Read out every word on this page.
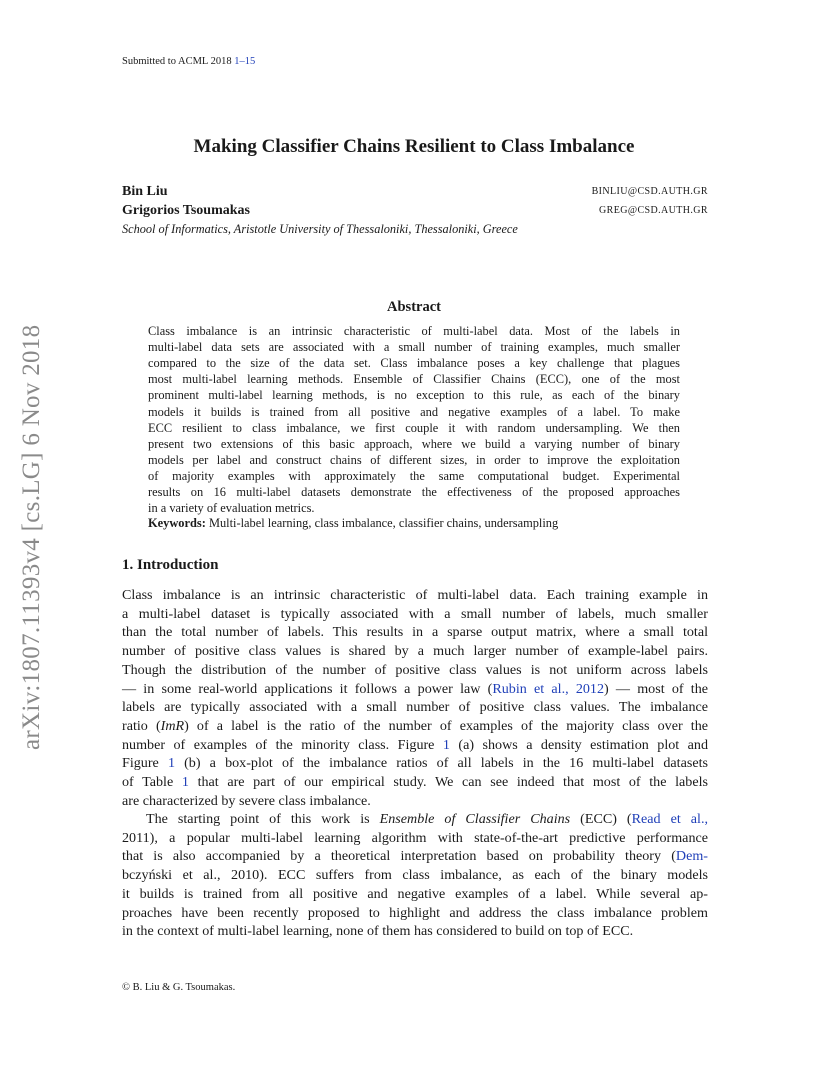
Submitted to ACML 2018 1–15
Making Classifier Chains Resilient to Class Imbalance
Bin Liu	BINLIU@CSD.AUTH.GR
Grigorios Tsoumakas	GREG@CSD.AUTH.GR
School of Informatics, Aristotle University of Thessaloniki, Thessaloniki, Greece
arXiv:1807.11393v4 [cs.LG] 6 Nov 2018
Abstract
Class imbalance is an intrinsic characteristic of multi-label data. Most of the labels in
multi-label data sets are associated with a small number of training examples, much smaller
compared to the size of the data set. Class imbalance poses a key challenge that plagues
most multi-label learning methods. Ensemble of Classifier Chains (ECC), one of the most
prominent multi-label learning methods, is no exception to this rule, as each of the binary
models it builds is trained from all positive and negative examples of a label. To make
ECC resilient to class imbalance, we first couple it with random undersampling. We then
present two extensions of this basic approach, where we build a varying number of binary
models per label and construct chains of different sizes, in order to improve the exploitation
of majority examples with approximately the same computational budget. Experimental
results on 16 multi-label datasets demonstrate the effectiveness of the proposed approaches
in a variety of evaluation metrics.
Keywords: Multi-label learning, class imbalance, classifier chains, undersampling
1. Introduction
Class imbalance is an intrinsic characteristic of multi-label data. Each training example in
a multi-label dataset is typically associated with a small number of labels, much smaller
than the total number of labels. This results in a sparse output matrix, where a small total
number of positive class values is shared by a much larger number of example-label pairs.
Though the distribution of the number of positive class values is not uniform across labels
— in some real-world applications it follows a power law (Rubin et al., 2012) — most of the
labels are typically associated with a small number of positive class values. The imbalance
ratio (ImR) of a label is the ratio of the number of examples of the majority class over the
number of examples of the minority class. Figure 1 (a) shows a density estimation plot and
Figure 1 (b) a box-plot of the imbalance ratios of all labels in the 16 multi-label datasets
of Table 1 that are part of our empirical study. We can see indeed that most of the labels
are characterized by severe class imbalance.
The starting point of this work is Ensemble of Classifier Chains (ECC) (Read et al.,
2011), a popular multi-label learning algorithm with state-of-the-art predictive performance
that is also accompanied by a theoretical interpretation based on probability theory (Dem-
bczyński et al., 2010). ECC suffers from class imbalance, as each of the binary models
it builds is trained from all positive and negative examples of a label. While several ap-
proaches have been recently proposed to highlight and address the class imbalance problem
in the context of multi-label learning, none of them has considered to build on top of ECC.
© B. Liu & G. Tsoumakas.
